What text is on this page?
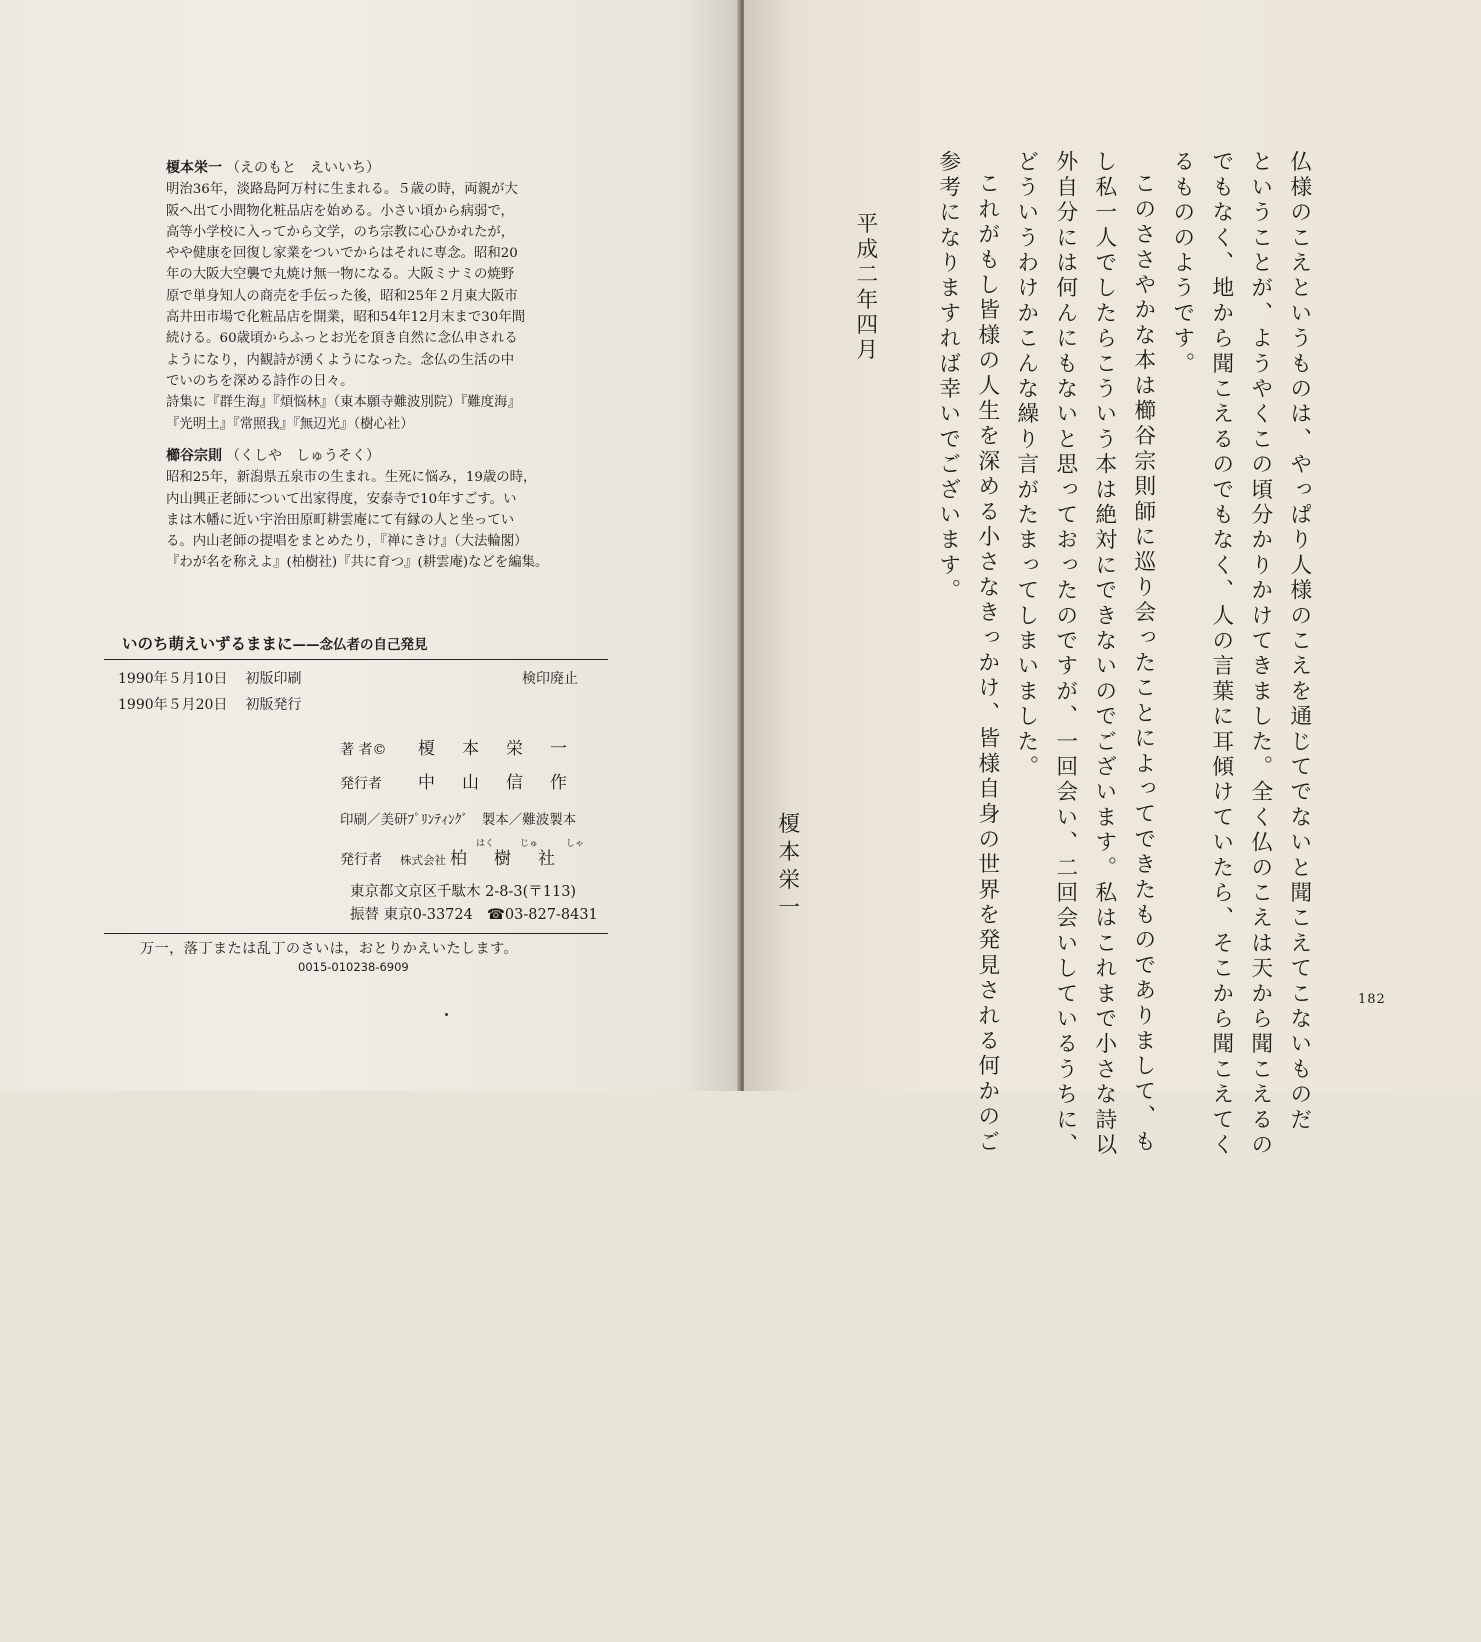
榎本栄一 （えのもと　えいいち）

明治36年，淡路島阿万村に生まれる。５歳の時，両親が大

阪へ出て小間物化粧品店を始める。小さい頃から病弱で，

高等小学校に入ってから文学，のち宗教に心ひかれたが，

やや健康を回復し家業をついでからはそれに専念。昭和20

年の大阪大空襲で丸焼け無一物になる。大阪ミナミの焼野

原で単身知人の商売を手伝った後，昭和25年２月東大阪市

高井田市場で化粧品店を開業，昭和54年12月末まで30年間

続ける。60歳頃からふっとお光を頂き自然に念仏申される

ようになり，内観詩が湧くようになった。念仏の生活の中

でいのちを深める詩作の日々。

詩集に『群生海』『煩悩林』（東本願寺難波別院）『難度海』

『光明土』『常照我』『無辺光』（樹心社）

櫛谷宗則 （くしや　しゅうそく）

昭和25年，新潟県五泉市の生まれ。生死に悩み，19歳の時，

内山興正老師について出家得度，安泰寺で10年すごす。い

まは木幡に近い宇治田原町耕雲庵にて有縁の人と坐ってい

る。内山老師の提唱をまとめたり，『禅にきけ』（大法輪閣）

『わが名を称えよ』(柏樹社)『共に育つ』(耕雲庵)などを編集。

いのち萌えいずるままに——念仏者の自己発見
1990年５月10日 初版印刷	検印廃止
1990年５月20日 初版発行
著 者© 榎本栄一
発行者 中山信作
印刷／美研ﾌﾟﾘﾝﾃｨﾝｸﾞ　製本／難波製本
はく	じゅ	しゃ
発行者 株式会社 柏樹社
東京都文京区千駄木 2-8-3(〒113)
振替 東京0-33724 ☎03-827-8431
万一，落丁または乱丁のさいは，おとりかえいたします。
0015-010238-6909	仏様のこえというものは、やっぱり人様のこえを通じてでないと聞こえてこないものだ
ということが、ようやくこの頃分かりかけてきました。全く仏のこえは天から聞こえるの
でもなく、地から聞こえるのでもなく、人の言葉に耳傾けていたら、そこから聞こえてく
るもののようです。
このささやかな本は櫛谷宗則師に巡り会ったことによってできたものでありまして、も
し私一人でしたらこういう本は絶対にできないのでございます。私はこれまで小さな詩以
外自分には何んにもないと思っておったのですが、一回会い、二回会いしているうちに、
どういうわけかこんな繰り言がたまってしまいました。
これがもし皆様の人生を深める小さなきっかけ、皆様自身の世界を発見される何かのご
参考になりますれば幸いでございます。
平成二年四月
榎本栄一
182
